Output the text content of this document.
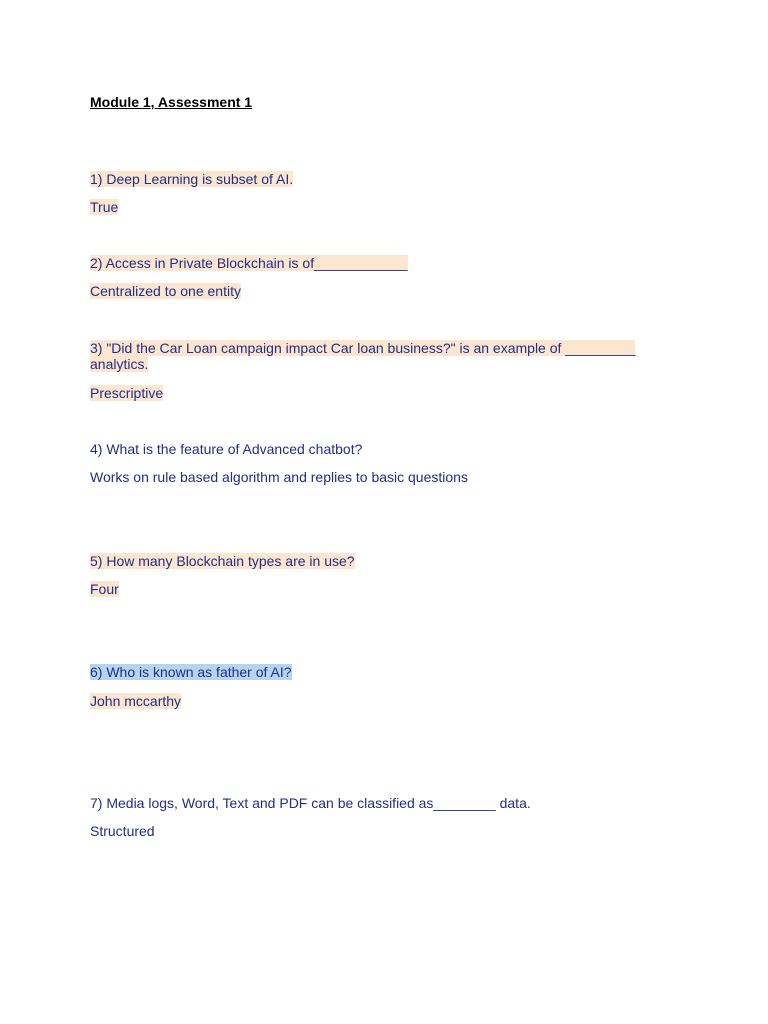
Module 1, Assessment 1
1) Deep Learning is subset of AI.
True
2) Access in Private Blockchain is of____________
Centralized to one entity
3) "Did the Car Loan campaign impact Car loan business?" is an example of _________
analytics.
Prescriptive
4) What is the feature of Advanced chatbot?
Works on rule based algorithm and replies to basic questions
5) How many Blockchain types are in use?
Four
6) Who is known as father of AI?
John mccarthy
7) Media logs, Word, Text and PDF can be classified as________ data.
Structured
